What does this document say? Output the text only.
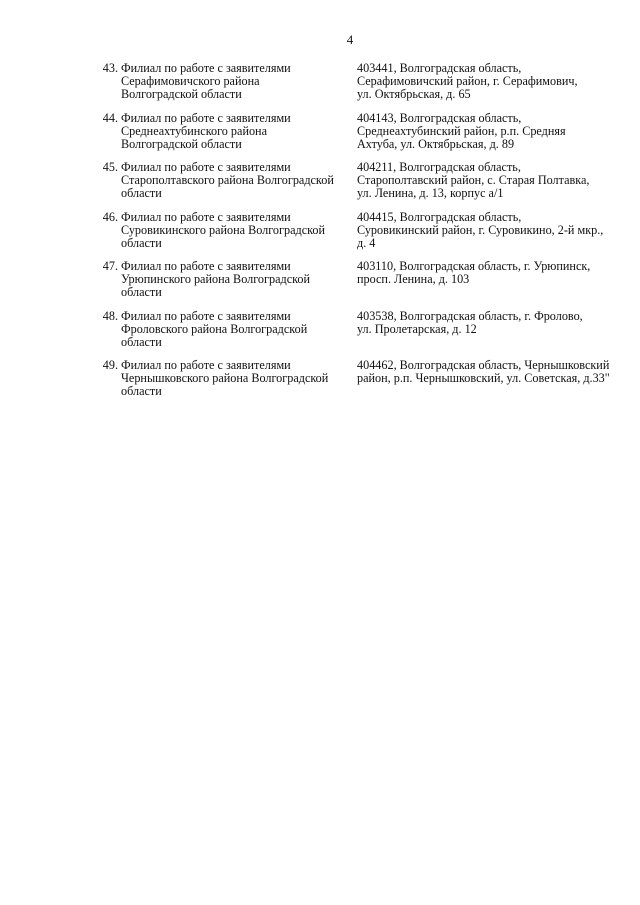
4
43. Филиал по работе с заявителями
Серафимовичского района
Волгоградской области
403441, Волгоградская область,
Серафимовичский район, г. Серафимович,
ул. Октябрьская, д. 65
44. Филиал по работе с заявителями
Среднеахтубинского района
Волгоградской области
404143, Волгоградская область,
Среднеахтубинский район, р.п. Средняя
Ахтуба, ул. Октябрьская, д. 89
45. Филиал по работе с заявителями
Старополтавского района Волгоградской
области
404211, Волгоградская область,
Старополтавский район, с. Старая Полтавка,
ул. Ленина, д. 13, корпус а/1
46. Филиал по работе с заявителями
Суровикинского района Волгоградской
области
404415, Волгоградская область,
Суровикинский район, г. Суровикино, 2-й мкр.,
д. 4
47. Филиал по работе с заявителями
Урюпинского района Волгоградской
области
403110, Волгоградская область, г. Урюпинск,
просп. Ленина, д. 103
48. Филиал по работе с заявителями
Фроловского района Волгоградской
области
403538, Волгоградская область, г. Фролово,
ул. Пролетарская, д. 12
49. Филиал по работе с заявителями
Чернышковского района Волгоградской
области
404462, Волгоградская область, Чернышковский
район, р.п. Чернышковский, ул. Советская, д.33"
